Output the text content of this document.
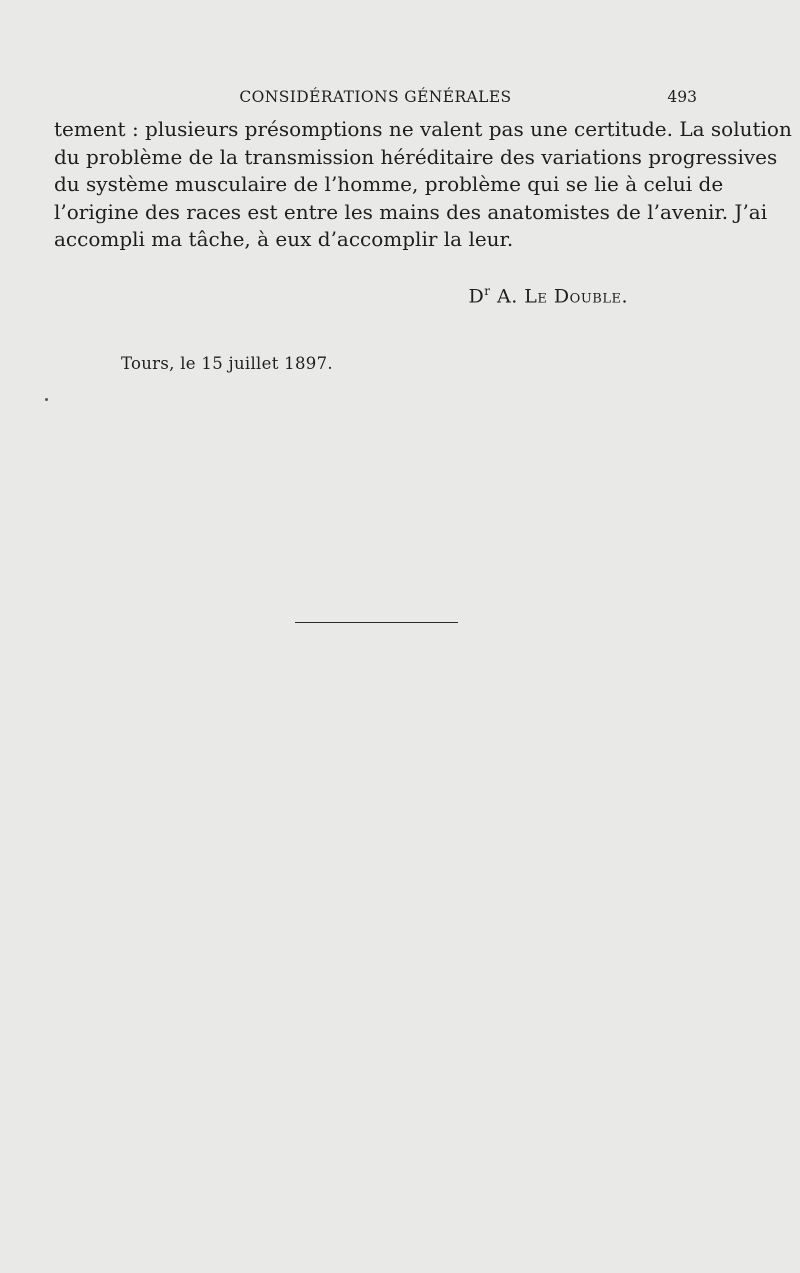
CONSIDÉRATIONS GÉNÉRALES	493
tement : plusieurs présomptions ne valent pas une certitude. La solution
du problème de la transmission héréditaire des variations progressives
du système musculaire de l’homme, problème qui se lie à celui de
l’origine des races est entre les mains des anatomistes de l’avenir. J’ai
accompli ma tâche, à eux d’accomplir la leur.
$D^r$ A. Le Double.
Tours, le 15 juillet 1897.
